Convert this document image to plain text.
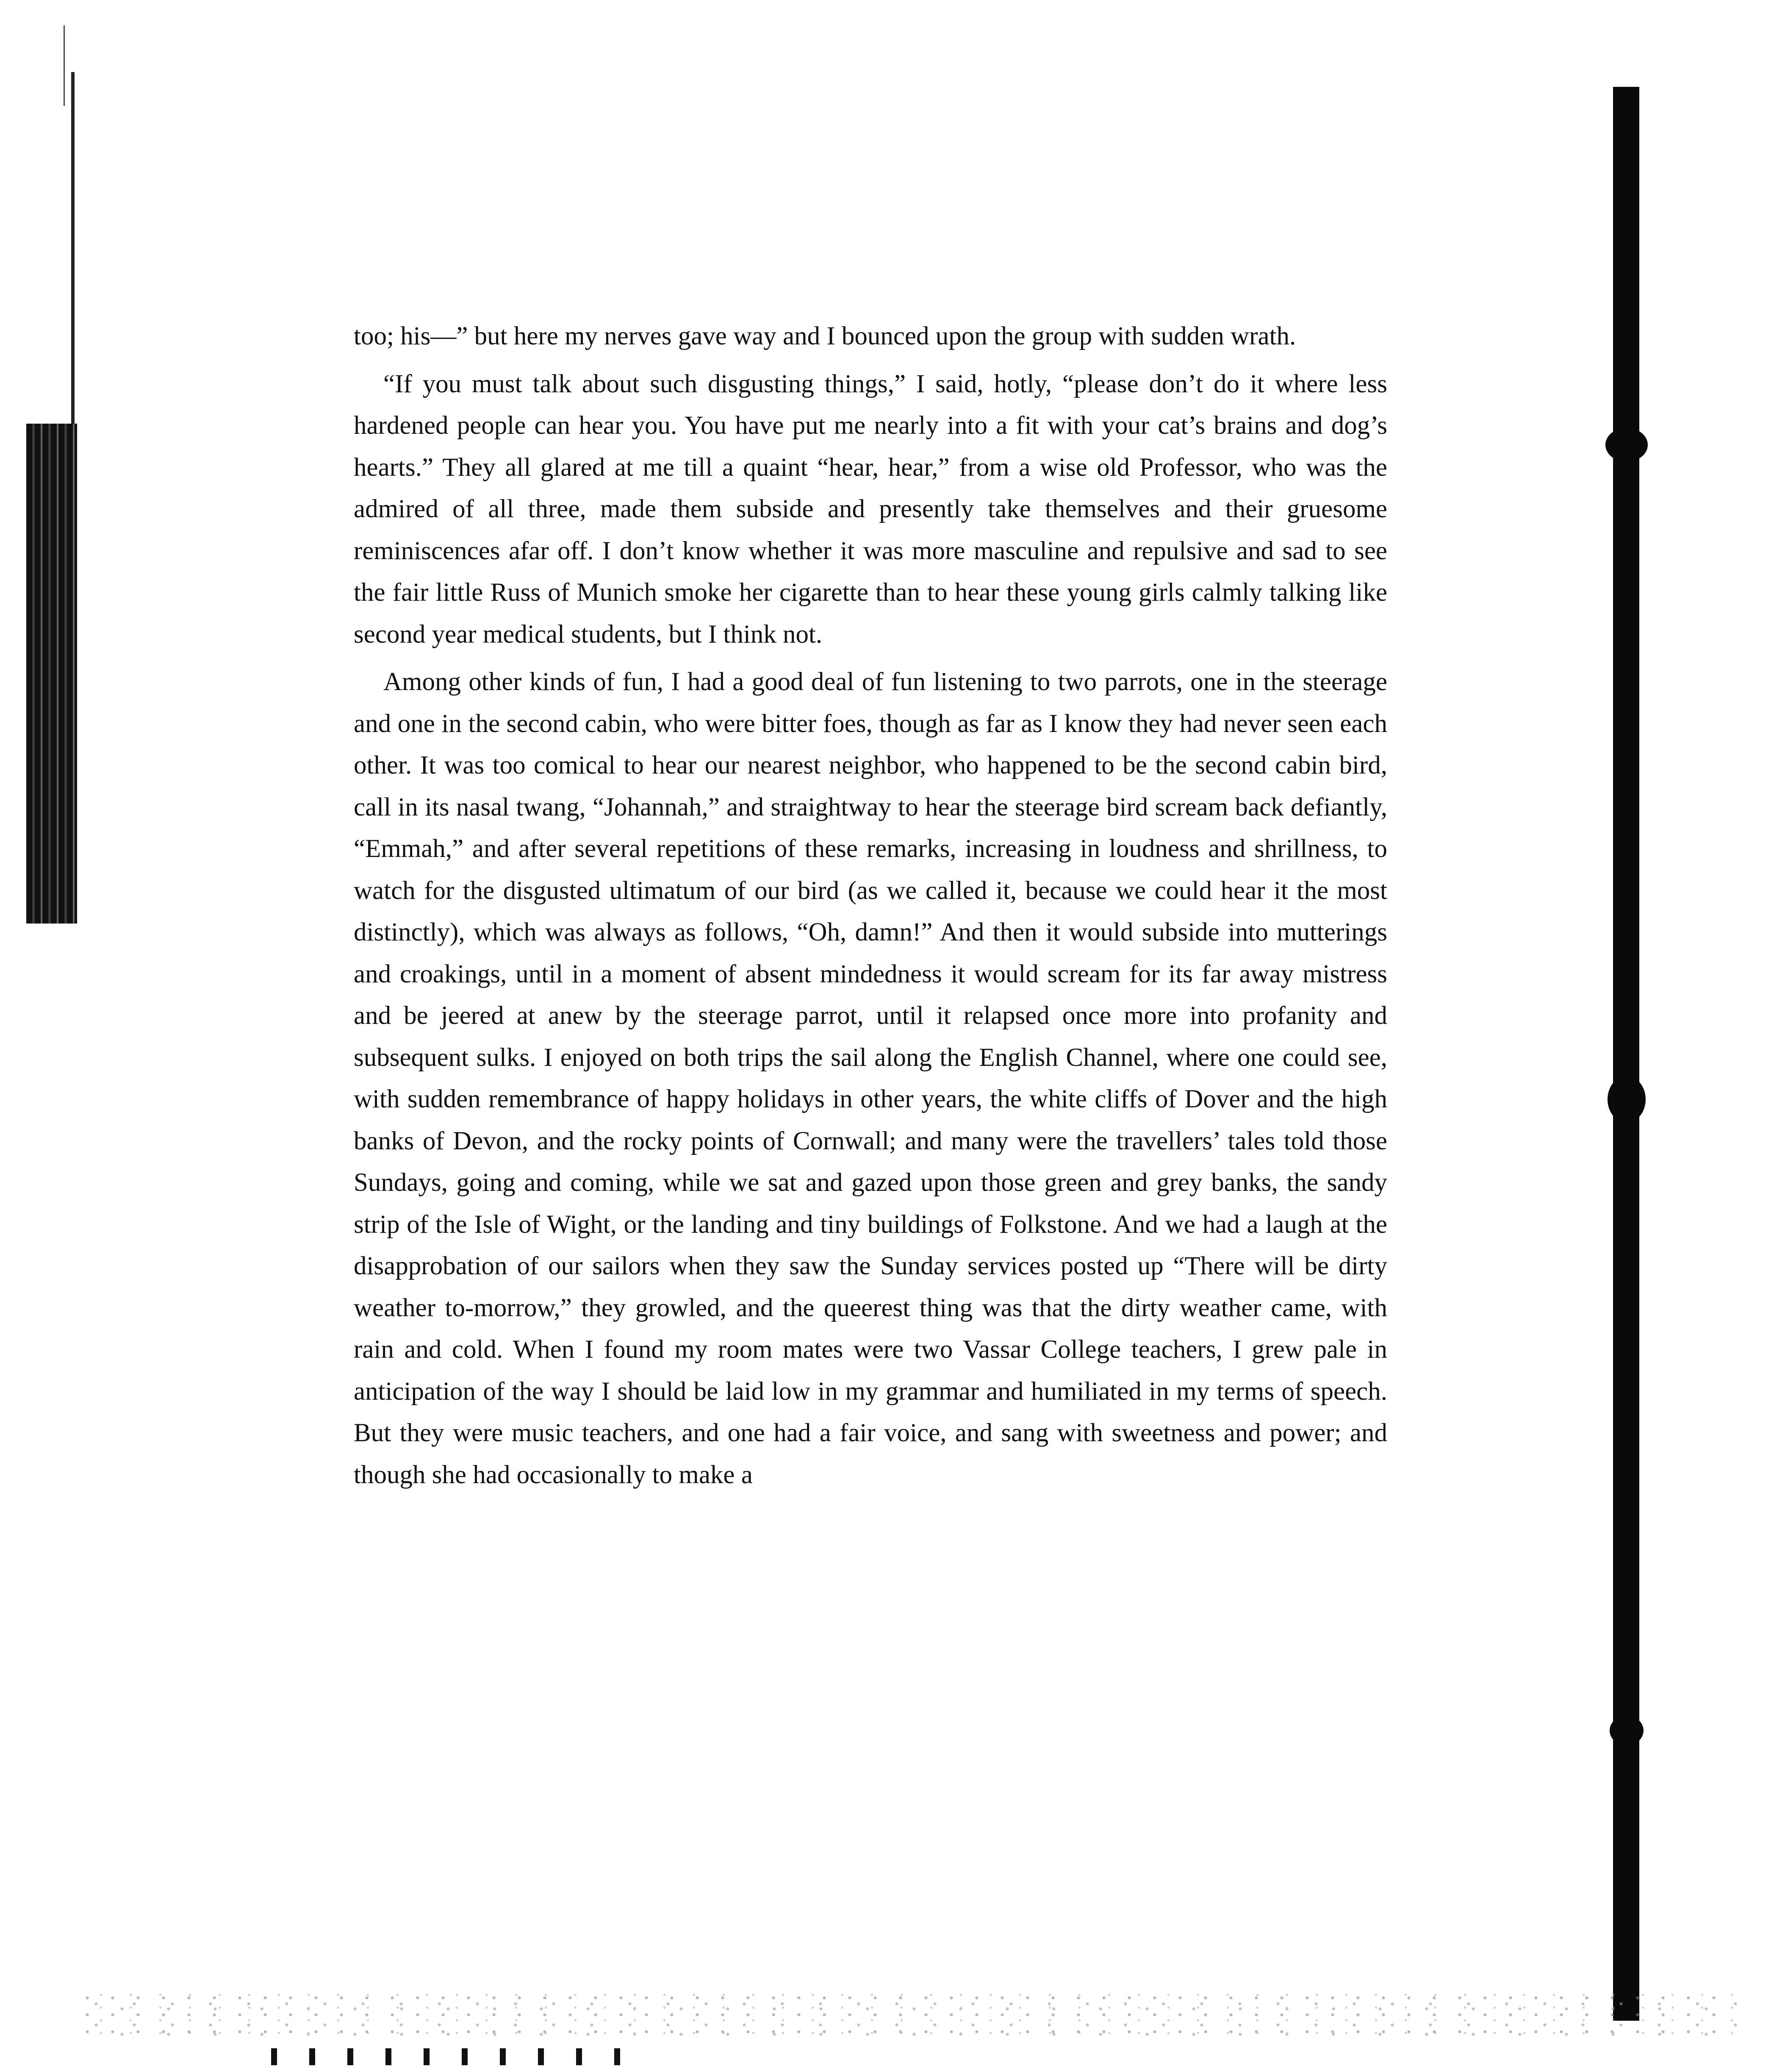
too; his—” but here my nerves gave way and I bounced upon the group with sudden wrath.

“If you must talk about such disgusting things,” I said, hotly, “please don’t do it where less hardened people can hear you. You have put me nearly into a fit with your cat’s brains and dog’s hearts.” They all glared at me till a quaint “hear, hear,” from a wise old Professor, who was the admired of all three, made them subside and presently take themselves and their gruesome reminiscences afar off. I don’t know whether it was more masculine and repulsive and sad to see the fair little Russ of Munich smoke her cigarette than to hear these young girls calmly talking like second year medical students, but I think not.

Among other kinds of fun, I had a good deal of fun listening to two parrots, one in the steerage and one in the second cabin, who were bitter foes, though as far as I know they had never seen each other. It was too comical to hear our nearest neighbor, who happened to be the second cabin bird, call in its nasal twang, “Johannah,” and straightway to hear the steerage bird scream back defiantly, “Emmah,” and after several repetitions of these remarks, increasing in loudness and shrillness, to watch for the disgusted ultimatum of our bird (as we called it, because we could hear it the most distinctly), which was always as follows, “Oh, damn!” And then it would subside into mutterings and croakings, until in a moment of absent mindedness it would scream for its far away mistress and be jeered at anew by the steerage parrot, until it relapsed once more into profanity and subsequent sulks. I enjoyed on both trips the sail along the English Channel, where one could see, with sudden remembrance of happy holidays in other years, the white cliffs of Dover and the high banks of Devon, and the rocky points of Cornwall; and many were the travellers’ tales told those Sundays, going and coming, while we sat and gazed upon those green and grey banks, the sandy strip of the Isle of Wight, or the landing and tiny buildings of Folkstone. And we had a laugh at the disapprobation of our sailors when they saw the Sunday services posted up “There will be dirty weather to-morrow,” they growled, and the queerest thing was that the dirty weather came, with rain and cold. When I found my room mates were two Vassar College teachers, I grew pale in anticipation of the way I should be laid low in my grammar and humiliated in my terms of speech. But they were music teachers, and one had a fair voice, and sang with sweetness and power; and though she had occasionally to make a
